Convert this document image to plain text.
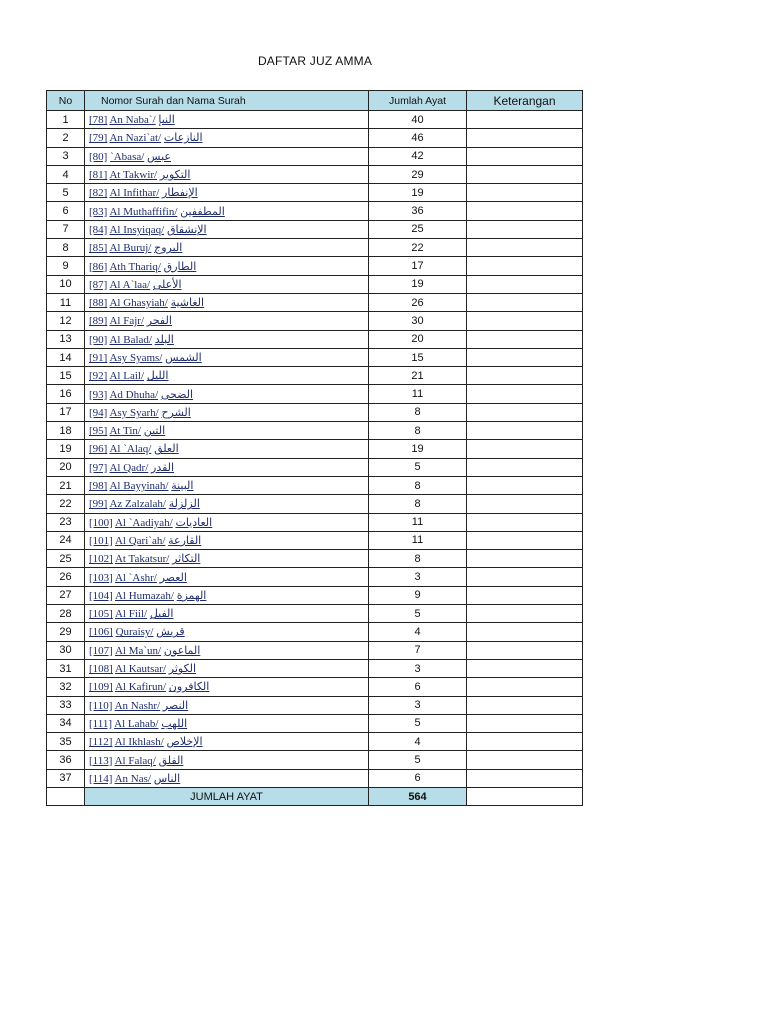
DAFTAR JUZ AMMA
No	Nomor Surah dan Nama Surah	Jumlah Ayat	Keterangan
1	[78] An Naba`/ النبإ	40	
2	[79] An Nazi`at/ النازعات	46	
3	[80] `Abasa/ عبس	42	
4	[81] At Takwir/ التكوير	29	
5	[82] Al Infithar/ الإنفطار	19	
6	[83] Al Muthaffifin/ المطففين	36	
7	[84] Al Insyiqaq/ الإنشقاق	25	
8	[85] Al Buruj/ البروج	22	
9	[86] Ath Thariq/ الطارق	17	
10	[87] Al A`laa/ الأعلى	19	
11	[88] Al Ghasyiah/ الغاشية	26	
12	[89] Al Fajr/ الفجر	30	
13	[90] Al Balad/ البلد	20	
14	[91] Asy Syams/ الشمس	15	
15	[92] Al Lail/ الليل	21	
16	[93] Ad Dhuha/ الضحى	11	
17	[94] Asy Syarh/ الشرح	8	
18	[95] At Tin/ التين	8	
19	[96] Al `Alaq/ العلق	19	
20	[97] Al Qadr/ القدر	5	
21	[98] Al Bayyinah/ البينة	8	
22	[99] Az Zalzalah/ الزلزلة	8	
23	[100] Al `Aadiyah/ العاديات	11	
24	[101] Al Qari`ah/ القارعة	11	
25	[102] At Takatsur/ التكاثر	8	
26	[103] Al `Ashr/ العصر	3	
27	[104] Al Humazah/ الهمزة	9	
28	[105] Al Fiil/ الفيل	5	
29	[106] Quraisy/ قريش	4	
30	[107] Al Ma`un/ الماعون	7	
31	[108] Al Kautsar/ الكوثر	3	
32	[109] Al Kafirun/ الكافرون	6	
33	[110] An Nashr/ النصر	3	
34	[111] Al Lahab/ اللهب	5	
35	[112] Al Ikhlash/ الإخلاص	4	
36	[113] Al Falaq/ الفلق	5	
37	[114] An Nas/ الناس	6	
	JUMLAH AYAT	564	
